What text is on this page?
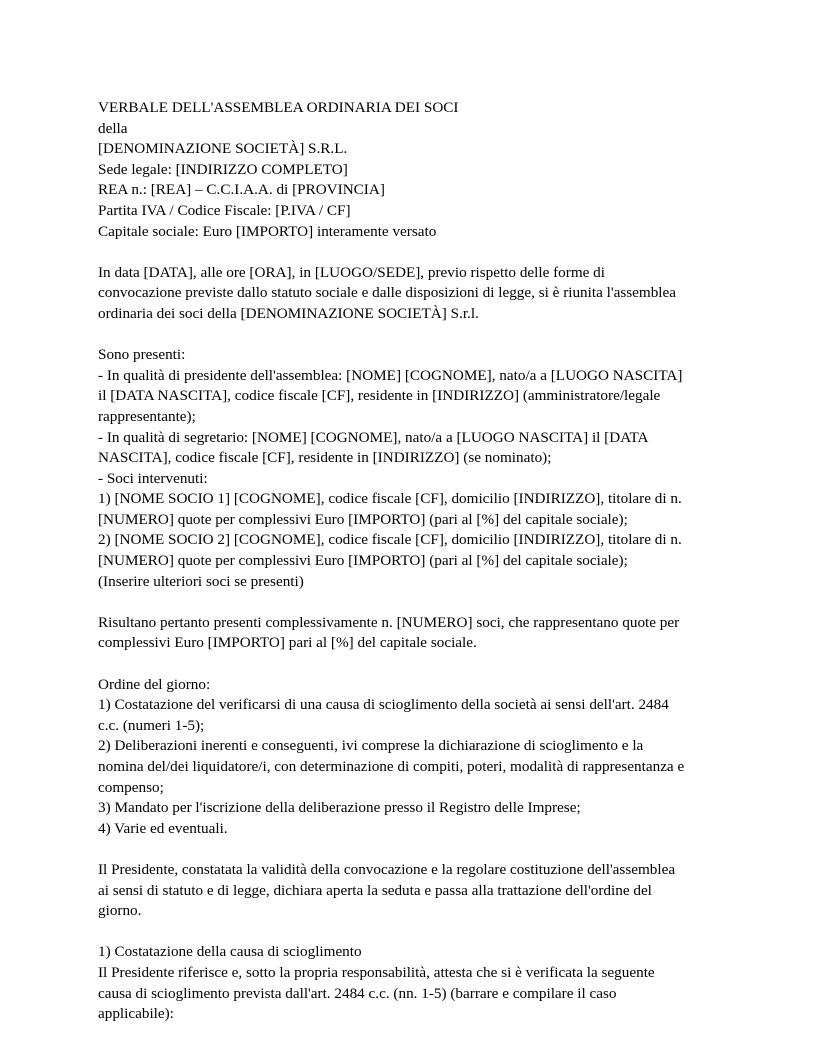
VERBALE DELL'ASSEMBLEA ORDINARIA DEI SOCI
della
[DENOMINAZIONE SOCIETÀ] S.R.L.
Sede legale: [INDIRIZZO COMPLETO]
REA n.: [REA] – C.C.I.A.A. di [PROVINCIA]
Partita IVA / Codice Fiscale: [P.IVA / CF]
Capitale sociale: Euro [IMPORTO] interamente versato
In data [DATA], alle ore [ORA], in [LUOGO/SEDE], previo rispetto delle forme di
convocazione previste dallo statuto sociale e dalle disposizioni di legge, si è riunita l'assemblea
ordinaria dei soci della [DENOMINAZIONE SOCIETÀ] S.r.l.
Sono presenti:
- In qualità di presidente dell'assemblea: [NOME] [COGNOME], nato/a a [LUOGO NASCITA]
il [DATA NASCITA], codice fiscale [CF], residente in [INDIRIZZO] (amministratore/legale
rappresentante);
- In qualità di segretario: [NOME] [COGNOME], nato/a a [LUOGO NASCITA] il [DATA
NASCITA], codice fiscale [CF], residente in [INDIRIZZO] (se nominato);
- Soci intervenuti:
1) [NOME SOCIO 1] [COGNOME], codice fiscale [CF], domicilio [INDIRIZZO], titolare di n.
[NUMERO] quote per complessivi Euro [IMPORTO] (pari al [%] del capitale sociale);
2) [NOME SOCIO 2] [COGNOME], codice fiscale [CF], domicilio [INDIRIZZO], titolare di n.
[NUMERO] quote per complessivi Euro [IMPORTO] (pari al [%] del capitale sociale);
(Inserire ulteriori soci se presenti)
Risultano pertanto presenti complessivamente n. [NUMERO] soci, che rappresentano quote per
complessivi Euro [IMPORTO] pari al [%] del capitale sociale.
Ordine del giorno:
1) Costatazione del verificarsi di una causa di scioglimento della società ai sensi dell'art. 2484
c.c. (numeri 1-5);
2) Deliberazioni inerenti e conseguenti, ivi comprese la dichiarazione di scioglimento e la
nomina del/dei liquidatore/i, con determinazione di compiti, poteri, modalità di rappresentanza e
compenso;
3) Mandato per l'iscrizione della deliberazione presso il Registro delle Imprese;
4) Varie ed eventuali.
Il Presidente, constatata la validità della convocazione e la regolare costituzione dell'assemblea
ai sensi di statuto e di legge, dichiara aperta la seduta e passa alla trattazione dell'ordine del
giorno.
1) Costatazione della causa di scioglimento
Il Presidente riferisce e, sotto la propria responsabilità, attesta che si è verificata la seguente
causa di scioglimento prevista dall'art. 2484 c.c. (nn. 1-5) (barrare e compilare il caso
applicabile):
